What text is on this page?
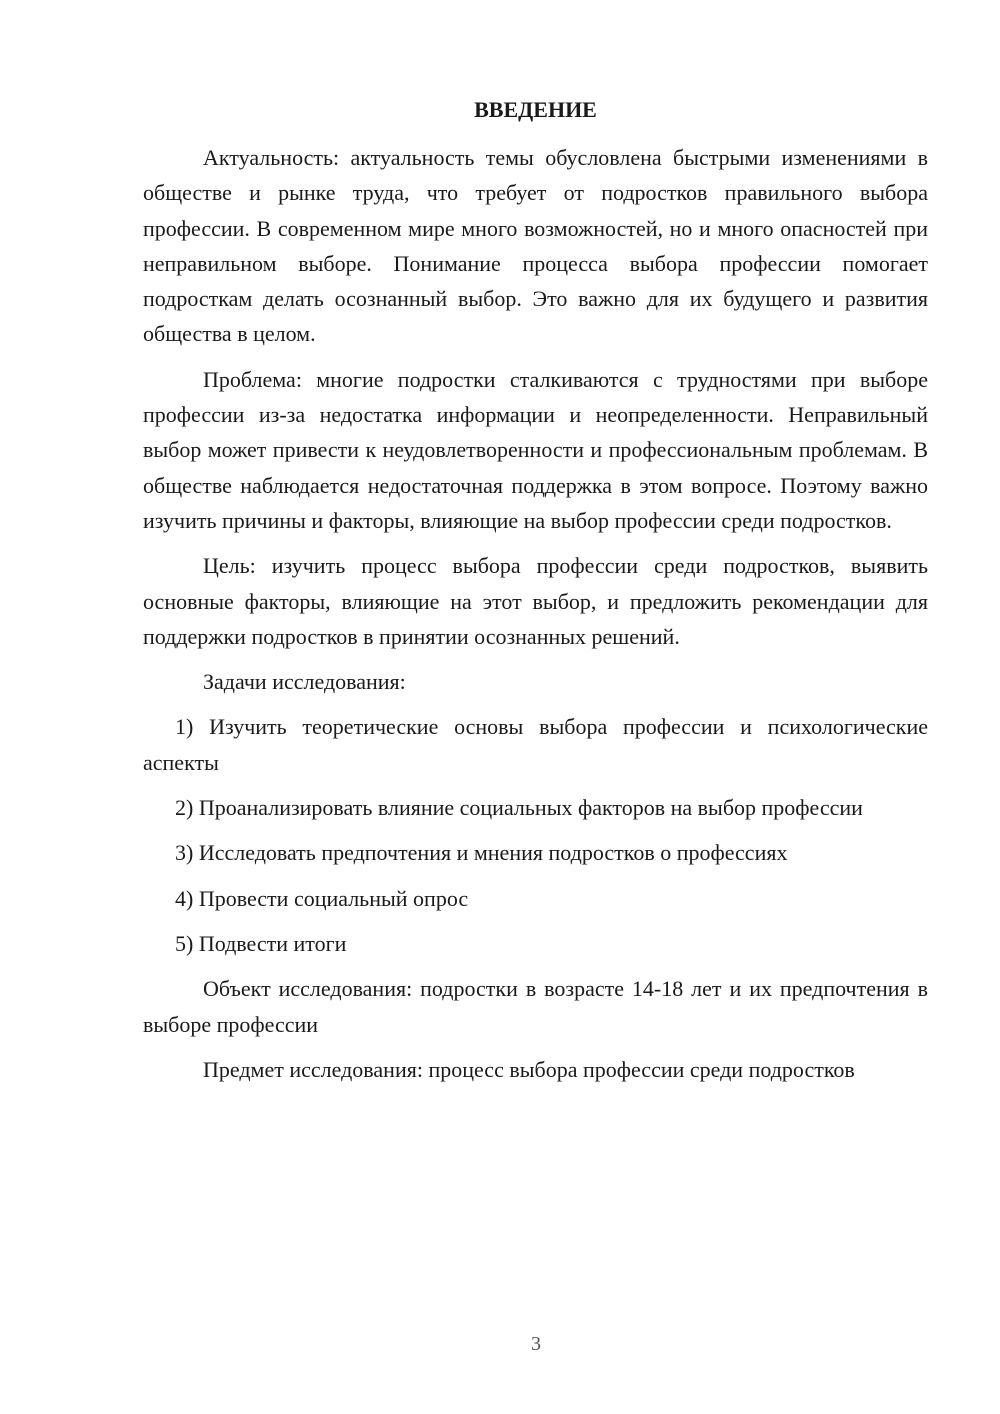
ВВЕДЕНИЕ

Актуальность: актуальность темы обусловлена быстрыми изменениями в обществе и рынке труда, что требует от подростков правильного выбора профессии. В современном мире много возможностей, но и много опасностей при неправильном выборе. Понимание процесса выбора профессии помогает подросткам делать осознанный выбор. Это важно для их будущего и развития общества в целом.

Проблема: многие подростки сталкиваются с трудностями при выборе профессии из-за недостатка информации и неопределенности. Неправильный выбор может привести к неудовлетворенности и профессиональным проблемам. В обществе наблюдается недостаточная поддержка в этом вопросе. Поэтому важно изучить причины и факторы, влияющие на выбор профессии среди подростков.

Цель: изучить процесс выбора профессии среди подростков, выявить основные факторы, влияющие на этот выбор, и предложить рекомендации для поддержки подростков в принятии осознанных решений.

Задачи исследования:

1) Изучить теоретические основы выбора профессии и психологические аспекты

2) Проанализировать влияние социальных факторов на выбор профессии

3) Исследовать предпочтения и мнения подростков о профессиях

4) Провести социальный опрос

5) Подвести итоги

Объект исследования: подростки в возрасте 14-18 лет и их предпочтения в выборе профессии

Предмет исследования: процесс выбора профессии среди подростков

3
